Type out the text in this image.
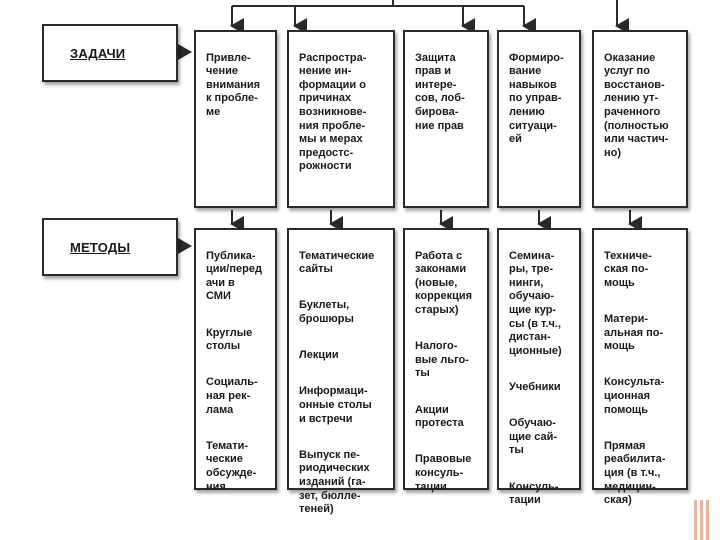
ЗАДАЧИ
МЕТОДЫ

Привле-
чение
внимания
к пробле-
ме

Распростра-
нение ин-
формации о
причинах
возникнове-
ния пробле-
мы и мерах
предостс-
рожности

Защита
прав и
интере-
сов, лоб-
бирова-
ние прав

Формиро-
вание
навыков
по управ-
лению
ситуаци-
ей

Оказание
услуг по
восстанов-
лению ут-
раченного
(полностью
или частич-
но)

Публика-
ции/перед
ачи в
СМИ

Круглые
столы

Социаль-
ная рек-
лама

Темати-
ческие
обсужде-
ния

Тематические
сайты

Буклеты,
брошюры

Лекции

Информаци-
онные столы
и встречи

Выпуск пе-
риодических
изданий (га-
зет, бюлле-
теней)

Работа с
законами
(новые,
коррекция
старых)

Налого-
вые льго-
ты

Акции
протеста

Правовые
консуль-
тации

Семина-
ры, тре-
нинги,
обучаю-
щие кур-
сы (в т.ч.,
дистан-
ционные)

Учебники

Обучаю-
щие сай-
ты

Консуль-
тации

Техниче-
ская по-
мощь

Матери-
альная по-
мощь

Консульта-
ционная
помощь

Прямая
реабилита-
ция (в т.ч.,
медицин-
ская)
